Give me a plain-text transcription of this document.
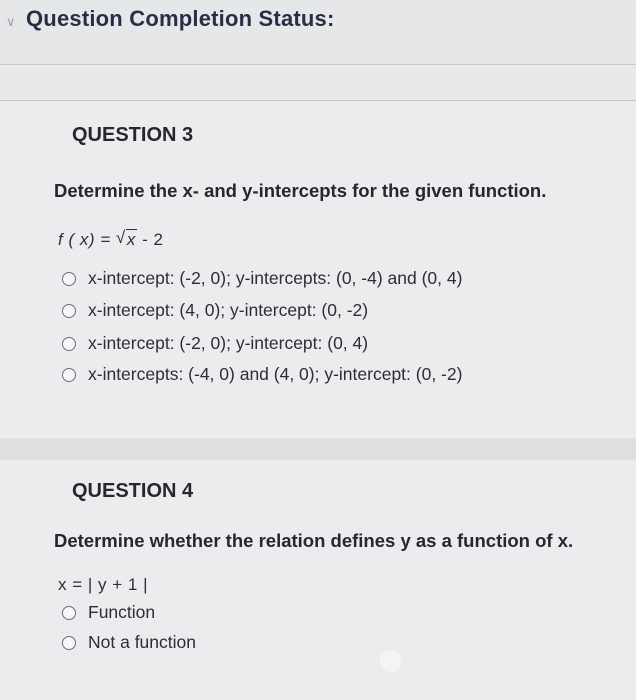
∨ Question Completion Status:
QUESTION 3
Determine the x- and y-intercepts for the given function.
f ( x) = √ x - 2
x-intercept: (-2, 0); y-intercepts: (0, -4) and (0, 4)
x-intercept: (4, 0); y-intercept: (0, -2)
x-intercept: (-2, 0); y-intercept: (0, 4)
x-intercepts: (-4, 0) and (4, 0); y-intercept: (0, -2)
QUESTION 4
Determine whether the relation defines y as a function of x.
x = | y + 1 |
Function
Not a function
